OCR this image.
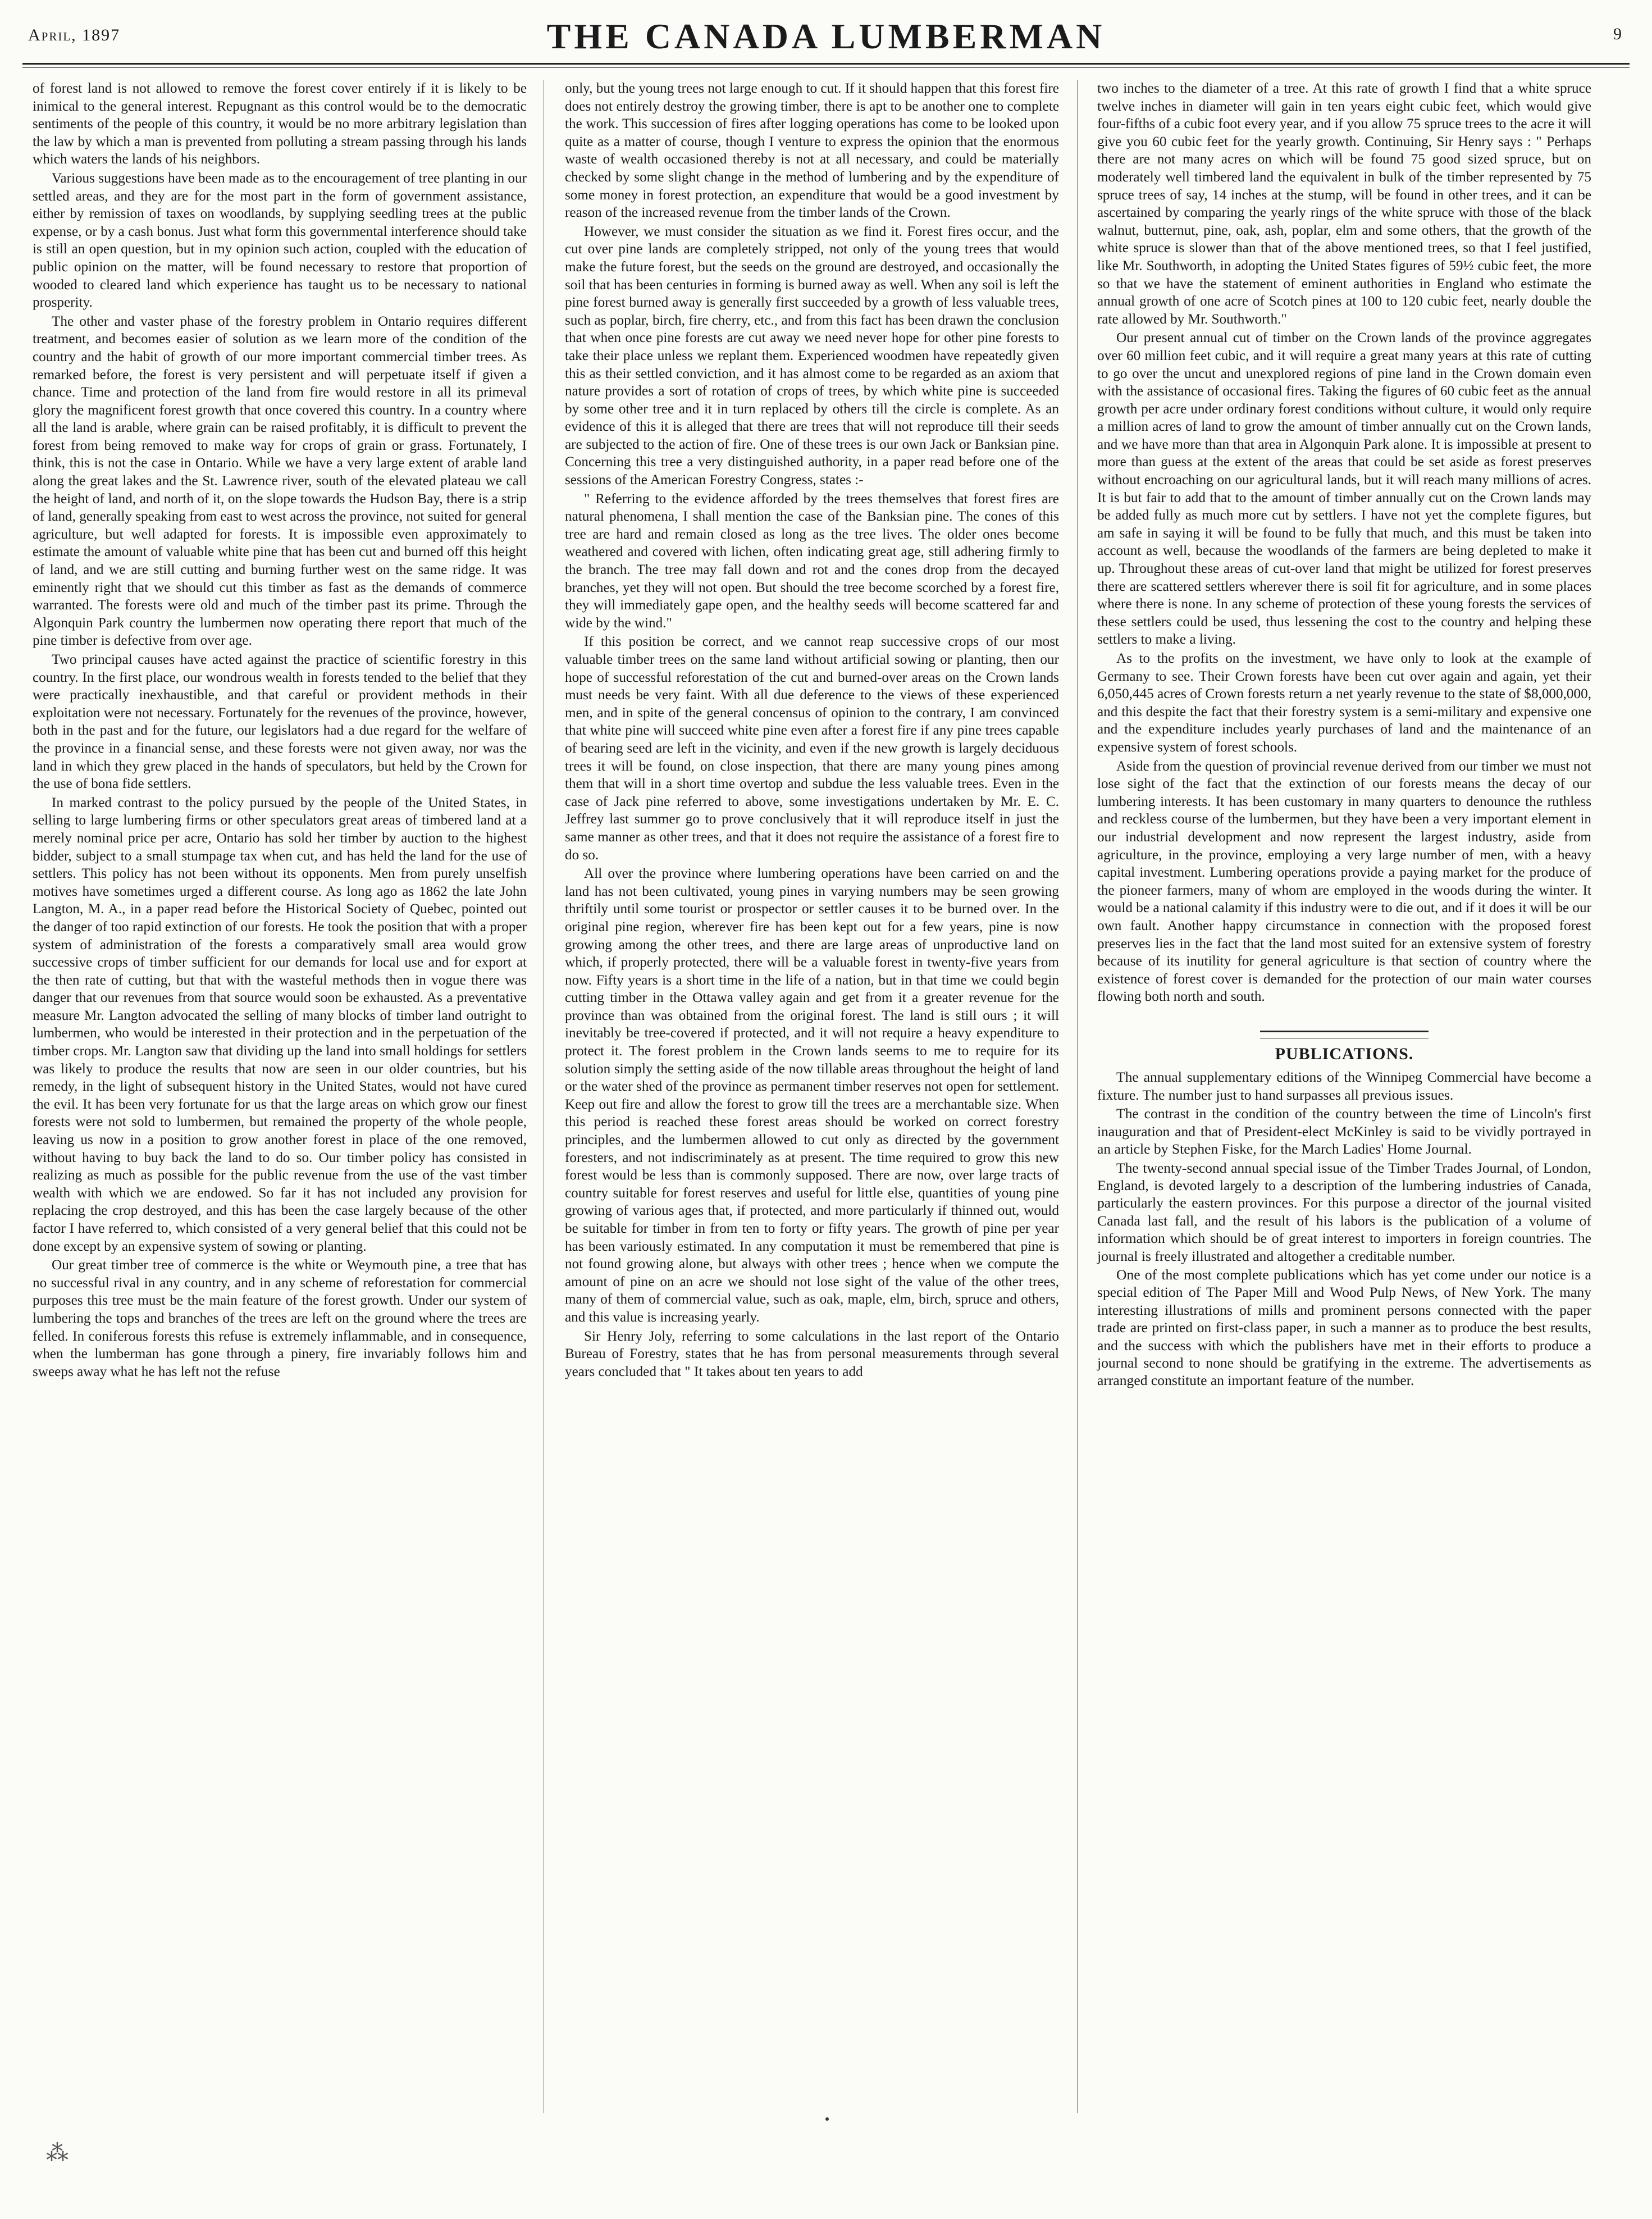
April, 1897	THE CANADA LUMBERMAN	9

of forest land is not allowed to remove the forest cover entirely if it is likely to be inimical to the general interest. Repugnant as this control would be to the democratic sentiments of the people of this country, it would be no more arbitrary legislation than the law by which a man is prevented from polluting a stream passing through his lands which waters the lands of his neighbors.

Various suggestions have been made as to the encouragement of tree planting in our settled areas, and they are for the most part in the form of government assistance, either by remission of taxes on woodlands, by supplying seedling trees at the public expense, or by a cash bonus. Just what form this governmental interference should take is still an open question, but in my opinion such action, coupled with the education of public opinion on the matter, will be found necessary to restore that proportion of wooded to cleared land which experience has taught us to be necessary to national prosperity.

The other and vaster phase of the forestry problem in Ontario requires different treatment, and becomes easier of solution as we learn more of the condition of the country and the habit of growth of our more important commercial timber trees. As remarked before, the forest is very persistent and will perpetuate itself if given a chance. Time and protection of the land from fire would restore in all its primeval glory the magnificent forest growth that once covered this country. In a country where all the land is arable, where grain can be raised profitably, it is difficult to prevent the forest from being removed to make way for crops of grain or grass. Fortunately, I think, this is not the case in Ontario. While we have a very large extent of arable land along the great lakes and the St. Lawrence river, south of the elevated plateau we call the height of land, and north of it, on the slope towards the Hudson Bay, there is a strip of land, generally speaking from east to west across the province, not suited for general agriculture, but well adapted for forests. It is impossible even approximately to estimate the amount of valuable white pine that has been cut and burned off this height of land, and we are still cutting and burning further west on the same ridge. It was eminently right that we should cut this timber as fast as the demands of commerce warranted. The forests were old and much of the timber past its prime. Through the Algonquin Park country the lumbermen now operating there report that much of the pine timber is defective from over age.

Two principal causes have acted against the practice of scientific forestry in this country. In the first place, our wondrous wealth in forests tended to the belief that they were practically inexhaustible, and that careful or provident methods in their exploitation were not necessary. Fortunately for the revenues of the province, however, both in the past and for the future, our legislators had a due regard for the welfare of the province in a financial sense, and these forests were not given away, nor was the land in which they grew placed in the hands of speculators, but held by the Crown for the use of bona fide settlers.

In marked contrast to the policy pursued by the people of the United States, in selling to large lumbering firms or other speculators great areas of timbered land at a merely nominal price per acre, Ontario has sold her timber by auction to the highest bidder, subject to a small stumpage tax when cut, and has held the land for the use of settlers. This policy has not been without its opponents. Men from purely unselfish motives have sometimes urged a different course. As long ago as 1862 the late John Langton, M. A., in a paper read before the Historical Society of Quebec, pointed out the danger of too rapid extinction of our forests. He took the position that with a proper system of administration of the forests a comparatively small area would grow successive crops of timber sufficient for our demands for local use and for export at the then rate of cutting, but that with the wasteful methods then in vogue there was danger that our revenues from that source would soon be exhausted. As a preventative measure Mr. Langton advocated the selling of many blocks of timber land outright to lumbermen, who would be interested in their protection and in the perpetuation of the timber crops. Mr. Langton saw that dividing up the land into small holdings for settlers was likely to produce the results that now are seen in our older countries, but his remedy, in the light of subsequent history in the United States, would not have cured the evil. It has been very fortunate for us that the large areas on which grow our finest forests were not sold to lumbermen, but remained the property of the whole people, leaving us now in a position to grow another forest in place of the one removed, without having to buy back the land to do so. Our timber policy has consisted in realizing as much as possible for the public revenue from the use of the vast timber wealth with which we are endowed. So far it has not included any provision for replacing the crop destroyed, and this has been the case largely because of the other factor I have referred to, which consisted of a very general belief that this could not be done except by an expensive system of sowing or planting.

Our great timber tree of commerce is the white or Weymouth pine, a tree that has no successful rival in any country, and in any scheme of reforestation for commercial purposes this tree must be the main feature of the forest growth. Under our system of lumbering the tops and branches of the trees are left on the ground where the trees are felled. In coniferous forests this refuse is extremely inflammable, and in consequence, when the lumberman has gone through a pinery, fire invariably follows him and sweeps away what he has left not the refuse

only, but the young trees not large enough to cut. If it should happen that this forest fire does not entirely destroy the growing timber, there is apt to be another one to complete the work. This succession of fires after logging operations has come to be looked upon quite as a matter of course, though I venture to express the opinion that the enormous waste of wealth occasioned thereby is not at all necessary, and could be materially checked by some slight change in the method of lumbering and by the expenditure of some money in forest protection, an expenditure that would be a good investment by reason of the increased revenue from the timber lands of the Crown.

However, we must consider the situation as we find it. Forest fires occur, and the cut over pine lands are completely stripped, not only of the young trees that would make the future forest, but the seeds on the ground are destroyed, and occasionally the soil that has been centuries in forming is burned away as well. When any soil is left the pine forest burned away is generally first succeeded by a growth of less valuable trees, such as poplar, birch, fire cherry, etc., and from this fact has been drawn the conclusion that when once pine forests are cut away we need never hope for other pine forests to take their place unless we replant them. Experienced woodmen have repeatedly given this as their settled conviction, and it has almost come to be regarded as an axiom that nature provides a sort of rotation of crops of trees, by which white pine is succeeded by some other tree and it in turn replaced by others till the circle is complete. As an evidence of this it is alleged that there are trees that will not reproduce till their seeds are subjected to the action of fire. One of these trees is our own Jack or Banksian pine. Concerning this tree a very distinguished authority, in a paper read before one of the sessions of the American Forestry Congress, states :-

" Referring to the evidence afforded by the trees themselves that forest fires are natural phenomena, I shall mention the case of the Banksian pine. The cones of this tree are hard and remain closed as long as the tree lives. The older ones become weathered and covered with lichen, often indicating great age, still adhering firmly to the branch. The tree may fall down and rot and the cones drop from the decayed branches, yet they will not open. But should the tree become scorched by a forest fire, they will immediately gape open, and the healthy seeds will become scattered far and wide by the wind."

If this position be correct, and we cannot reap successive crops of our most valuable timber trees on the same land without artificial sowing or planting, then our hope of successful reforestation of the cut and burned-over areas on the Crown lands must needs be very faint. With all due deference to the views of these experienced men, and in spite of the general concensus of opinion to the contrary, I am convinced that white pine will succeed white pine even after a forest fire if any pine trees capable of bearing seed are left in the vicinity, and even if the new growth is largely deciduous trees it will be found, on close inspection, that there are many young pines among them that will in a short time overtop and subdue the less valuable trees. Even in the case of Jack pine referred to above, some investigations undertaken by Mr. E. C. Jeffrey last summer go to prove conclusively that it will reproduce itself in just the same manner as other trees, and that it does not require the assistance of a forest fire to do so.

All over the province where lumbering operations have been carried on and the land has not been cultivated, young pines in varying numbers may be seen growing thriftily until some tourist or prospector or settler causes it to be burned over. In the original pine region, wherever fire has been kept out for a few years, pine is now growing among the other trees, and there are large areas of unproductive land on which, if properly protected, there will be a valuable forest in twenty-five years from now. Fifty years is a short time in the life of a nation, but in that time we could begin cutting timber in the Ottawa valley again and get from it a greater revenue for the province than was obtained from the original forest. The land is still ours ; it will inevitably be tree-covered if protected, and it will not require a heavy expenditure to protect it. The forest problem in the Crown lands seems to me to require for its solution simply the setting aside of the now tillable areas throughout the height of land or the water shed of the province as permanent timber reserves not open for settlement. Keep out fire and allow the forest to grow till the trees are a merchantable size. When this period is reached these forest areas should be worked on correct forestry principles, and the lumbermen allowed to cut only as directed by the government foresters, and not indiscriminately as at present. The time required to grow this new forest would be less than is commonly supposed. There are now, over large tracts of country suitable for forest reserves and useful for little else, quantities of young pine growing of various ages that, if protected, and more particularly if thinned out, would be suitable for timber in from ten to forty or fifty years. The growth of pine per year has been variously estimated. In any computation it must be remembered that pine is not found growing alone, but always with other trees ; hence when we compute the amount of pine on an acre we should not lose sight of the value of the other trees, many of them of commercial value, such as oak, maple, elm, birch, spruce and others, and this value is increasing yearly.

Sir Henry Joly, referring to some calculations in the last report of the Ontario Bureau of Forestry, states that he has from personal measurements through several years concluded that " It takes about ten years to add

two inches to the diameter of a tree. At this rate of growth I find that a white spruce twelve inches in diameter will gain in ten years eight cubic feet, which would give four-fifths of a cubic foot every year, and if you allow 75 spruce trees to the acre it will give you 60 cubic feet for the yearly growth. Continuing, Sir Henry says : " Perhaps there are not many acres on which will be found 75 good sized spruce, but on moderately well timbered land the equivalent in bulk of the timber represented by 75 spruce trees of say, 14 inches at the stump, will be found in other trees, and it can be ascertained by comparing the yearly rings of the white spruce with those of the black walnut, butternut, pine, oak, ash, poplar, elm and some others, that the growth of the white spruce is slower than that of the above mentioned trees, so that I feel justified, like Mr. Southworth, in adopting the United States figures of 59½ cubic feet, the more so that we have the statement of eminent authorities in England who estimate the annual growth of one acre of Scotch pines at 100 to 120 cubic feet, nearly double the rate allowed by Mr. Southworth."

Our present annual cut of timber on the Crown lands of the province aggregates over 60 million feet cubic, and it will require a great many years at this rate of cutting to go over the uncut and unexplored regions of pine land in the Crown domain even with the assistance of occasional fires. Taking the figures of 60 cubic feet as the annual growth per acre under ordinary forest conditions without culture, it would only require a million acres of land to grow the amount of timber annually cut on the Crown lands, and we have more than that area in Algonquin Park alone. It is impossible at present to more than guess at the extent of the areas that could be set aside as forest preserves without encroaching on our agricultural lands, but it will reach many millions of acres. It is but fair to add that to the amount of timber annually cut on the Crown lands may be added fully as much more cut by settlers. I have not yet the complete figures, but am safe in saying it will be found to be fully that much, and this must be taken into account as well, because the woodlands of the farmers are being depleted to make it up. Throughout these areas of cut-over land that might be utilized for forest preserves there are scattered settlers wherever there is soil fit for agriculture, and in some places where there is none. In any scheme of protection of these young forests the services of these settlers could be used, thus lessening the cost to the country and helping these settlers to make a living.

As to the profits on the investment, we have only to look at the example of Germany to see. Their Crown forests have been cut over again and again, yet their 6,050,445 acres of Crown forests return a net yearly revenue to the state of $8,000,000, and this despite the fact that their forestry system is a semi-military and expensive one and the expenditure includes yearly purchases of land and the maintenance of an expensive system of forest schools.

Aside from the question of provincial revenue derived from our timber we must not lose sight of the fact that the extinction of our forests means the decay of our lumbering interests. It has been customary in many quarters to denounce the ruthless and reckless course of the lumbermen, but they have been a very important element in our industrial development and now represent the largest industry, aside from agriculture, in the province, employing a very large number of men, with a heavy capital investment. Lumbering operations provide a paying market for the produce of the pioneer farmers, many of whom are employed in the woods during the winter. It would be a national calamity if this industry were to die out, and if it does it will be our own fault. Another happy circumstance in connection with the proposed forest preserves lies in the fact that the land most suited for an extensive system of forestry because of its inutility for general agriculture is that section of country where the existence of forest cover is demanded for the protection of our main water courses flowing both north and south.

PUBLICATIONS.

The annual supplementary editions of the Winnipeg Commercial have become a fixture. The number just to hand surpasses all previous issues.

The contrast in the condition of the country between the time of Lincoln's first inauguration and that of President-elect McKinley is said to be vividly portrayed in an article by Stephen Fiske, for the March Ladies' Home Journal.

The twenty-second annual special issue of the Timber Trades Journal, of London, England, is devoted largely to a description of the lumbering industries of Canada, particularly the eastern provinces. For this purpose a director of the journal visited Canada last fall, and the result of his labors is the publication of a volume of information which should be of great interest to importers in foreign countries. The journal is freely illustrated and altogether a creditable number.

One of the most complete publications which has yet come under our notice is a special edition of The Paper Mill and Wood Pulp News, of New York. The many interesting illustrations of mills and prominent persons connected with the paper trade are printed on first-class paper, in such a manner as to produce the best results, and the success with which the publishers have met in their efforts to produce a journal second to none should be gratifying in the extreme. The advertisements as arranged constitute an important feature of the number.

⁂
